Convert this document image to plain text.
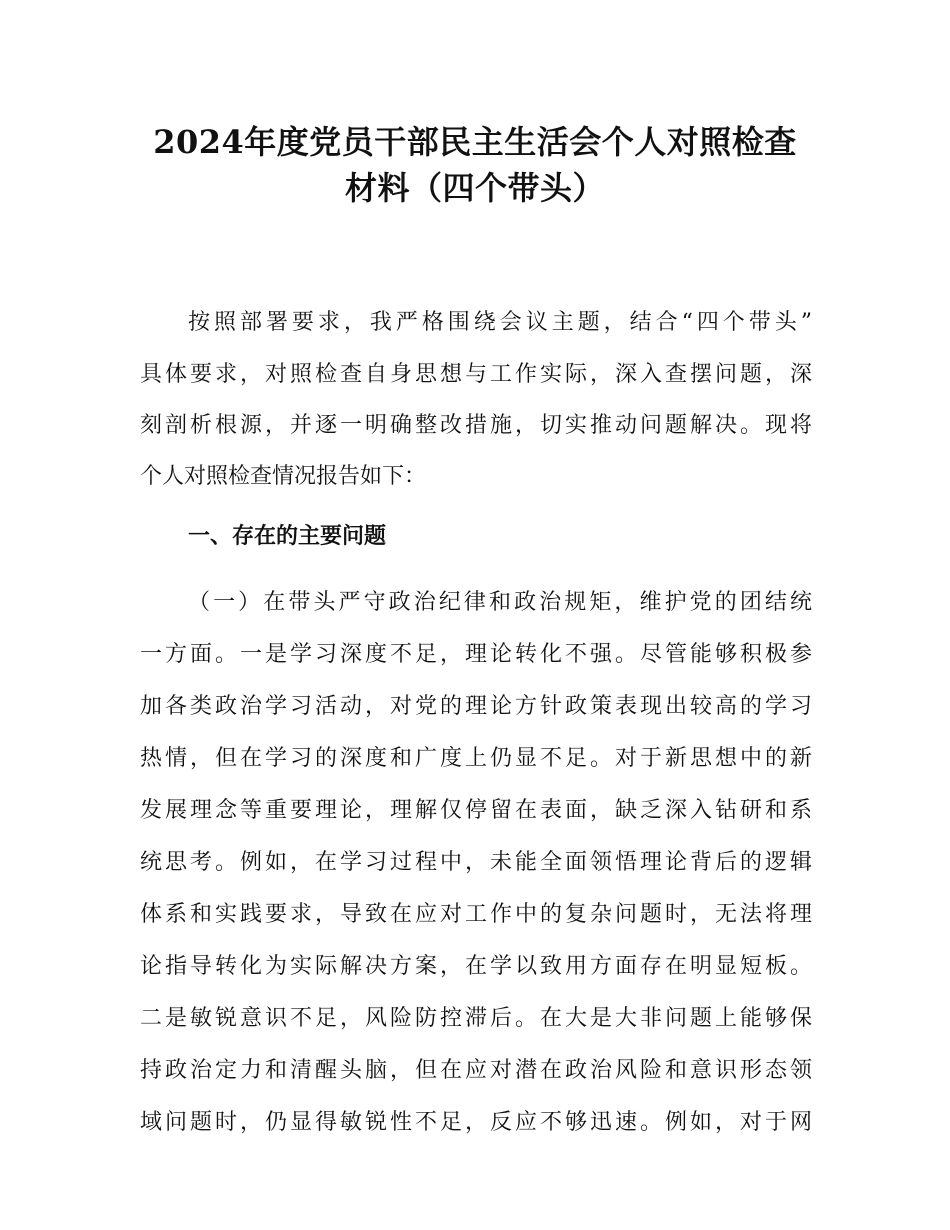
2024年度党员干部民主生活会个人对照检查
材料（四个带头）
按照部署要求，我严格围绕会议主题，结合“四个带头”
具体要求，对照检查自身思想与工作实际，深入查摆问题，深
刻剖析根源，并逐一明确整改措施，切实推动问题解决。现将
个人对照检查情况报告如下：
一、存在的主要问题
（一）在带头严守政治纪律和政治规矩，维护党的团结统
一方面。一是学习深度不足，理论转化不强。尽管能够积极参
加各类政治学习活动，对党的理论方针政策表现出较高的学习
热情，但在学习的深度和广度上仍显不足。对于新思想中的新
发展理念等重要理论，理解仅停留在表面，缺乏深入钻研和系
统思考。例如，在学习过程中，未能全面领悟理论背后的逻辑
体系和实践要求，导致在应对工作中的复杂问题时，无法将理
论指导转化为实际解决方案，在学以致用方面存在明显短板。
二是敏锐意识不足，风险防控滞后。在大是大非问题上能够保
持政治定力和清醒头脑，但在应对潜在政治风险和意识形态领
域问题时，仍显得敏锐性不足，反应不够迅速。例如，对于网
